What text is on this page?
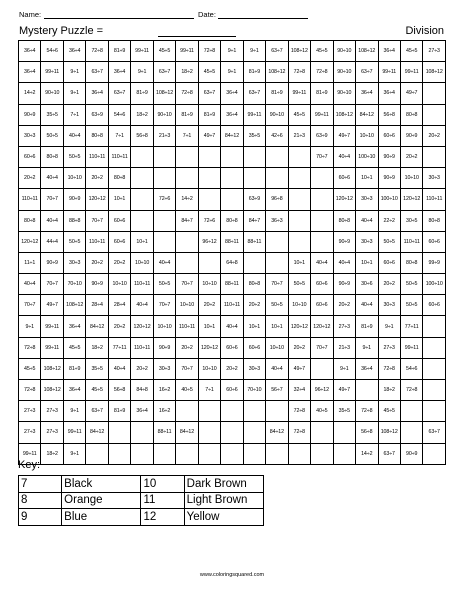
Name:	Date:
Mystery Puzzle =	Division
36÷4	54÷6	36÷4	72÷8	81÷9	99÷11	45÷5	99÷11	72÷8	9÷1	9÷1	63÷7	108÷12	45÷5	90÷10	108÷12	36÷4	45÷5	27÷3
36÷4	99÷11	9÷1	63÷7	36÷4	9÷1	63÷7	18÷2	45÷5	9÷1	81÷9	108÷12	72÷8	72÷8	90÷10	63÷7	99÷11	99÷11	108÷12
14÷2	90÷10	9÷1	36÷4	63÷7	81÷9	108÷12	72÷8	63÷7	36÷4	63÷7	81÷9	99÷11	81÷9	90÷10	36÷4	36÷4	49÷7	
90÷9	35÷5	7÷1	63÷9	54÷6	18÷2	90÷10	81÷9	81÷9	36÷4	99÷11	90÷10	45÷5	99÷11	108÷12	84÷12	56÷8	80÷8	
30÷3	50÷5	40÷4	80÷8	7÷1	56÷8	21÷3	7÷1	49÷7	84÷12	35÷5	42÷6	21÷3	63÷9	49÷7	10÷10	60÷6	90÷9	20÷2
60÷6	80÷8	50÷5	110÷11	110÷11									70÷7	40÷4	100÷10	90÷9	20÷2	
20÷2	40÷4	10÷10	20÷2	80÷8										60÷6	10÷1	90÷9	10÷10	30÷3
110÷11	70÷7	90÷9	120÷12	10÷1		72÷6	14÷2			63÷9	96÷8			120÷12	30÷3	100÷10	120÷12	110÷11
80÷8	40÷4	88÷8	70÷7	60÷6			84÷7	72÷6	80÷8	84÷7	36÷3			80÷8	40÷4	22÷2	30÷5	80÷8
120÷12	44÷4	50÷5	110÷11	60÷6	10÷1			96÷12	88÷11	88÷11				90÷9	30÷3	50÷5	110÷11	60÷6
11÷1	90÷9	30÷3	20÷2	20÷2	10÷10	40÷4			64÷8			10÷1	40÷4	40÷4	10÷1	60÷6	80÷8	99÷9
40÷4	70÷7	70÷10	90÷9	10÷10	110÷11	50÷5	70÷7	10÷10	88÷11	80÷8	70÷7	50÷5	60÷6	90÷9	30÷6	20÷2	50÷5	100÷10
70÷7	49÷7	108÷12	28÷4	28÷4	40÷4	70÷7	10÷10	20÷2	110÷11	20÷2	50÷5	10÷10	60÷6	20÷2	40÷4	30÷3	50÷5	60÷6
9÷1	99÷11	36÷4	84÷12	20÷2	120÷12	10÷10	110÷11	10÷1	40÷4	10÷1	10÷1	120÷12	120÷12	27÷3	81÷9	9÷1	77÷11	
72÷8	99÷11	45÷5	18÷2	77÷11	110÷11	90÷9	20÷2	120÷12	60÷6	60÷6	10÷10	20÷2	70÷7	21÷3	9÷1	27÷3	99÷11	
45÷5	108÷12	81÷9	35÷5	40÷4	20÷2	30÷3	70÷7	10÷10	20÷2	30÷3	40÷4	49÷7		9÷1	36÷4	72÷8	54÷6	
72÷8	108÷12	36÷4	45÷5	56÷8	84÷8	16÷2	40÷5	7÷1	60÷6	70÷10	56÷7	32÷4	96÷12	49÷7		18÷2	72÷8	
27÷3	27÷3	9÷1	63÷7	81÷9	36÷4	16÷2						72÷8	40÷5	35÷5	72÷8	45÷5		
27÷3	27÷3	99÷11	84÷12			88÷11	84÷12				84÷12	72÷8			56÷8	108÷12		63÷7
99÷11	18÷2	9÷1													14÷2	63÷7	90÷9	
Key:
7	Black	10	Dark Brown
8	Orange	11	Light Brown
9	Blue	12	Yellow
www.coloringsquared.com
